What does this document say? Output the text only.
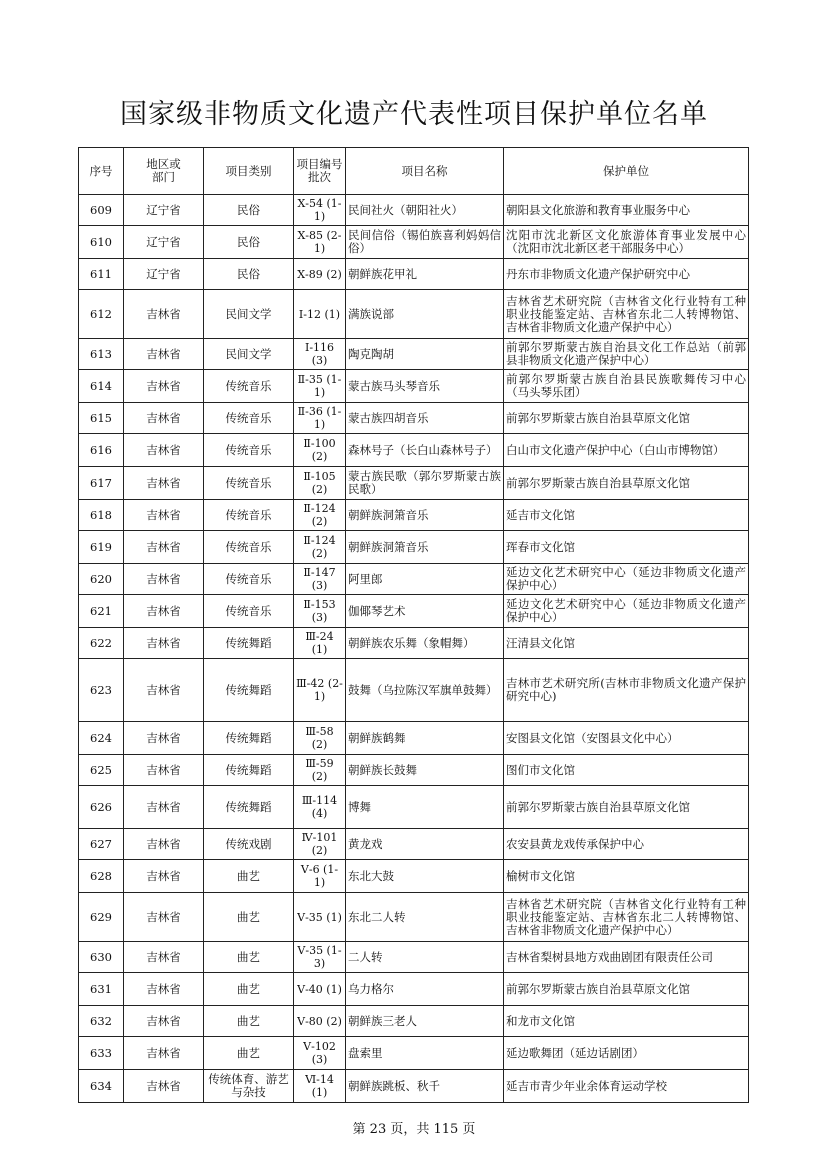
国家级非物质文化遗产代表性项目保护单位名单
序号	地区或部门	项目类别	项目编号批次	项目名称	保护单位
609	辽宁省	民俗	Ⅹ-54 (1-1)	民间社火（朝阳社火）	朝阳县文化旅游和教育事业服务中心
610	辽宁省	民俗	Ⅹ-85 (2-1)	民间信俗（锡伯族喜利妈妈信俗）	沈阳市沈北新区文化旅游体育事业发展中心（沈阳市沈北新区老干部服务中心）
611	辽宁省	民俗	Ⅹ-89 (2)	朝鲜族花甲礼	丹东市非物质文化遗产保护研究中心
612	吉林省	民间文学	Ⅰ-12 (1)	满族说部	吉林省艺术研究院（吉林省文化行业特有工种职业技能鉴定站、吉林省东北二人转博物馆、吉林省非物质文化遗产保护中心）
613	吉林省	民间文学	Ⅰ-116 (3)	陶克陶胡	前郭尔罗斯蒙古族自治县文化工作总站（前郭县非物质文化遗产保护中心）
614	吉林省	传统音乐	Ⅱ-35 (1-1)	蒙古族马头琴音乐	前郭尔罗斯蒙古族自治县民族歌舞传习中心（马头琴乐团）
615	吉林省	传统音乐	Ⅱ-36 (1-1)	蒙古族四胡音乐	前郭尔罗斯蒙古族自治县草原文化馆
616	吉林省	传统音乐	Ⅱ-100 (2)	森林号子（长白山森林号子）	白山市文化遗产保护中心（白山市博物馆）
617	吉林省	传统音乐	Ⅱ-105 (2)	蒙古族民歌（郭尔罗斯蒙古族民歌）	前郭尔罗斯蒙古族自治县草原文化馆
618	吉林省	传统音乐	Ⅱ-124 (2)	朝鲜族洞箫音乐	延吉市文化馆
619	吉林省	传统音乐	Ⅱ-124 (2)	朝鲜族洞箫音乐	珲春市文化馆
620	吉林省	传统音乐	Ⅱ-147 (3)	阿里郎	延边文化艺术研究中心（延边非物质文化遗产保护中心）
621	吉林省	传统音乐	Ⅱ-153 (3)	伽倻琴艺术	延边文化艺术研究中心（延边非物质文化遗产保护中心）
622	吉林省	传统舞蹈	Ⅲ-24 (1)	朝鲜族农乐舞（象帽舞）	汪清县文化馆
623	吉林省	传统舞蹈	Ⅲ-42 (2-1)	鼓舞（乌拉陈汉军旗单鼓舞）	吉林市艺术研究所(吉林市非物质文化遗产保护研究中心)
624	吉林省	传统舞蹈	Ⅲ-58 (2)	朝鲜族鹤舞	安图县文化馆（安图县文化中心）
625	吉林省	传统舞蹈	Ⅲ-59 (2)	朝鲜族长鼓舞	图们市文化馆
626	吉林省	传统舞蹈	Ⅲ-114 (4)	博舞	前郭尔罗斯蒙古族自治县草原文化馆
627	吉林省	传统戏剧	Ⅳ-101 (2)	黄龙戏	农安县黄龙戏传承保护中心
628	吉林省	曲艺	Ⅴ-6 (1-1)	东北大鼓	榆树市文化馆
629	吉林省	曲艺	Ⅴ-35 (1)	东北二人转	吉林省艺术研究院（吉林省文化行业特有工种职业技能鉴定站、吉林省东北二人转博物馆、吉林省非物质文化遗产保护中心）
630	吉林省	曲艺	Ⅴ-35 (1-3)	二人转	吉林省梨树县地方戏曲剧团有限责任公司
631	吉林省	曲艺	Ⅴ-40 (1)	乌力格尔	前郭尔罗斯蒙古族自治县草原文化馆
632	吉林省	曲艺	Ⅴ-80 (2)	朝鲜族三老人	和龙市文化馆
633	吉林省	曲艺	Ⅴ-102 (3)	盘索里	延边歌舞团（延边话剧团）
634	吉林省	传统体育、游艺与杂技	Ⅵ-14 (1)	朝鲜族跳板、秋千	延吉市青少年业余体育运动学校
第 23 页，共 115 页
